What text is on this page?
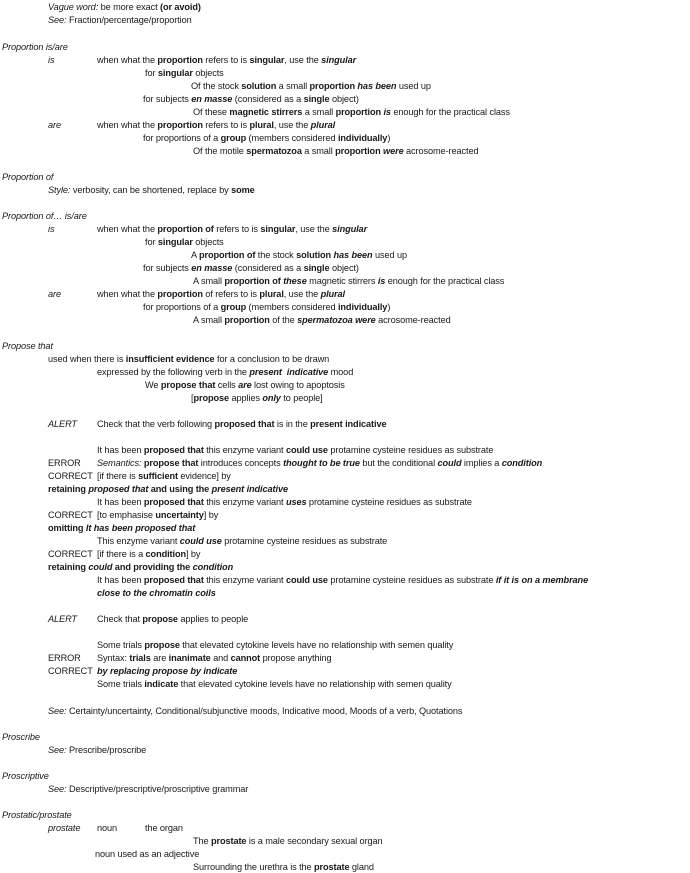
Vague word: be more exact (or avoid)
See: Fraction/percentage/proportion
Proportion is/are
is	when what the proportion refers to is singular, use the singular
for singular objects
Of the stock solution a small proportion has been used up
for subjects en masse (considered as a single object)
Of these magnetic stirrers a small proportion is enough for the practical class
are	when what the proportion refers to is plural, use the plural
for proportions of a group (members considered individually)
Of the motile spermatozoa a small proportion were acrosome-reacted
Proportion of
Style: verbosity, can be shortened, replace by some
Proportion of… is/are
is	when what the proportion of refers to is singular, use the singular
for singular objects
A proportion of the stock solution has been used up
for subjects en masse (considered as a single object)
A small proportion of these magnetic stirrers is enough for the practical class
are	when what the proportion of refers to is plural, use the plural
for proportions of a group (members considered individually)
A small proportion of the spermatozoa were acrosome-reacted
Propose that
used when there is insufficient evidence for a conclusion to be drawn
expressed by the following verb in the present  indicative mood
We propose that cells are lost owing to apoptosis
[propose applies only to people]
ALERT Check that the verb following proposed that is in the present indicative
It has been proposed that this enzyme variant could use protamine cysteine residues as substrate
ERROR Semantics: propose that introduces concepts thought to be true but the conditional could implies a condition
CORRECT [if there is sufficient evidence] by
retaining proposed that and using the present indicative
It has been proposed that this enzyme variant uses protamine cysteine residues as substrate
CORRECT [to emphasise uncertainty] by
omitting It has been proposed that
This enzyme variant could use protamine cysteine residues as substrate
CORRECT [if there is a condition] by
retaining could and providing the condition
It has been proposed that this enzyme variant could use protamine cysteine residues as substrate if it is on a membrane
close to the chromatin coils
ALERT Check that propose applies to people
Some trials propose that elevated cytokine levels have no relationship with semen quality
ERROR Syntax: trials are inanimate and cannot propose anything
CORRECT by replacing propose by indicate
Some trials indicate that elevated cytokine levels have no relationship with semen quality
See: Certainty/uncertainty, Conditional/subjunctive moods, Indicative mood, Moods of a verb, Quotations
Proscribe
See: Prescribe/proscribe
Proscriptive
See: Descriptive/prescriptive/proscriptive grammar
Prostatic/prostate
prostate noun	the organ
The prostate is a male secondary sexual organ
noun used as an adjective
Surrounding the urethra is the prostate gland
